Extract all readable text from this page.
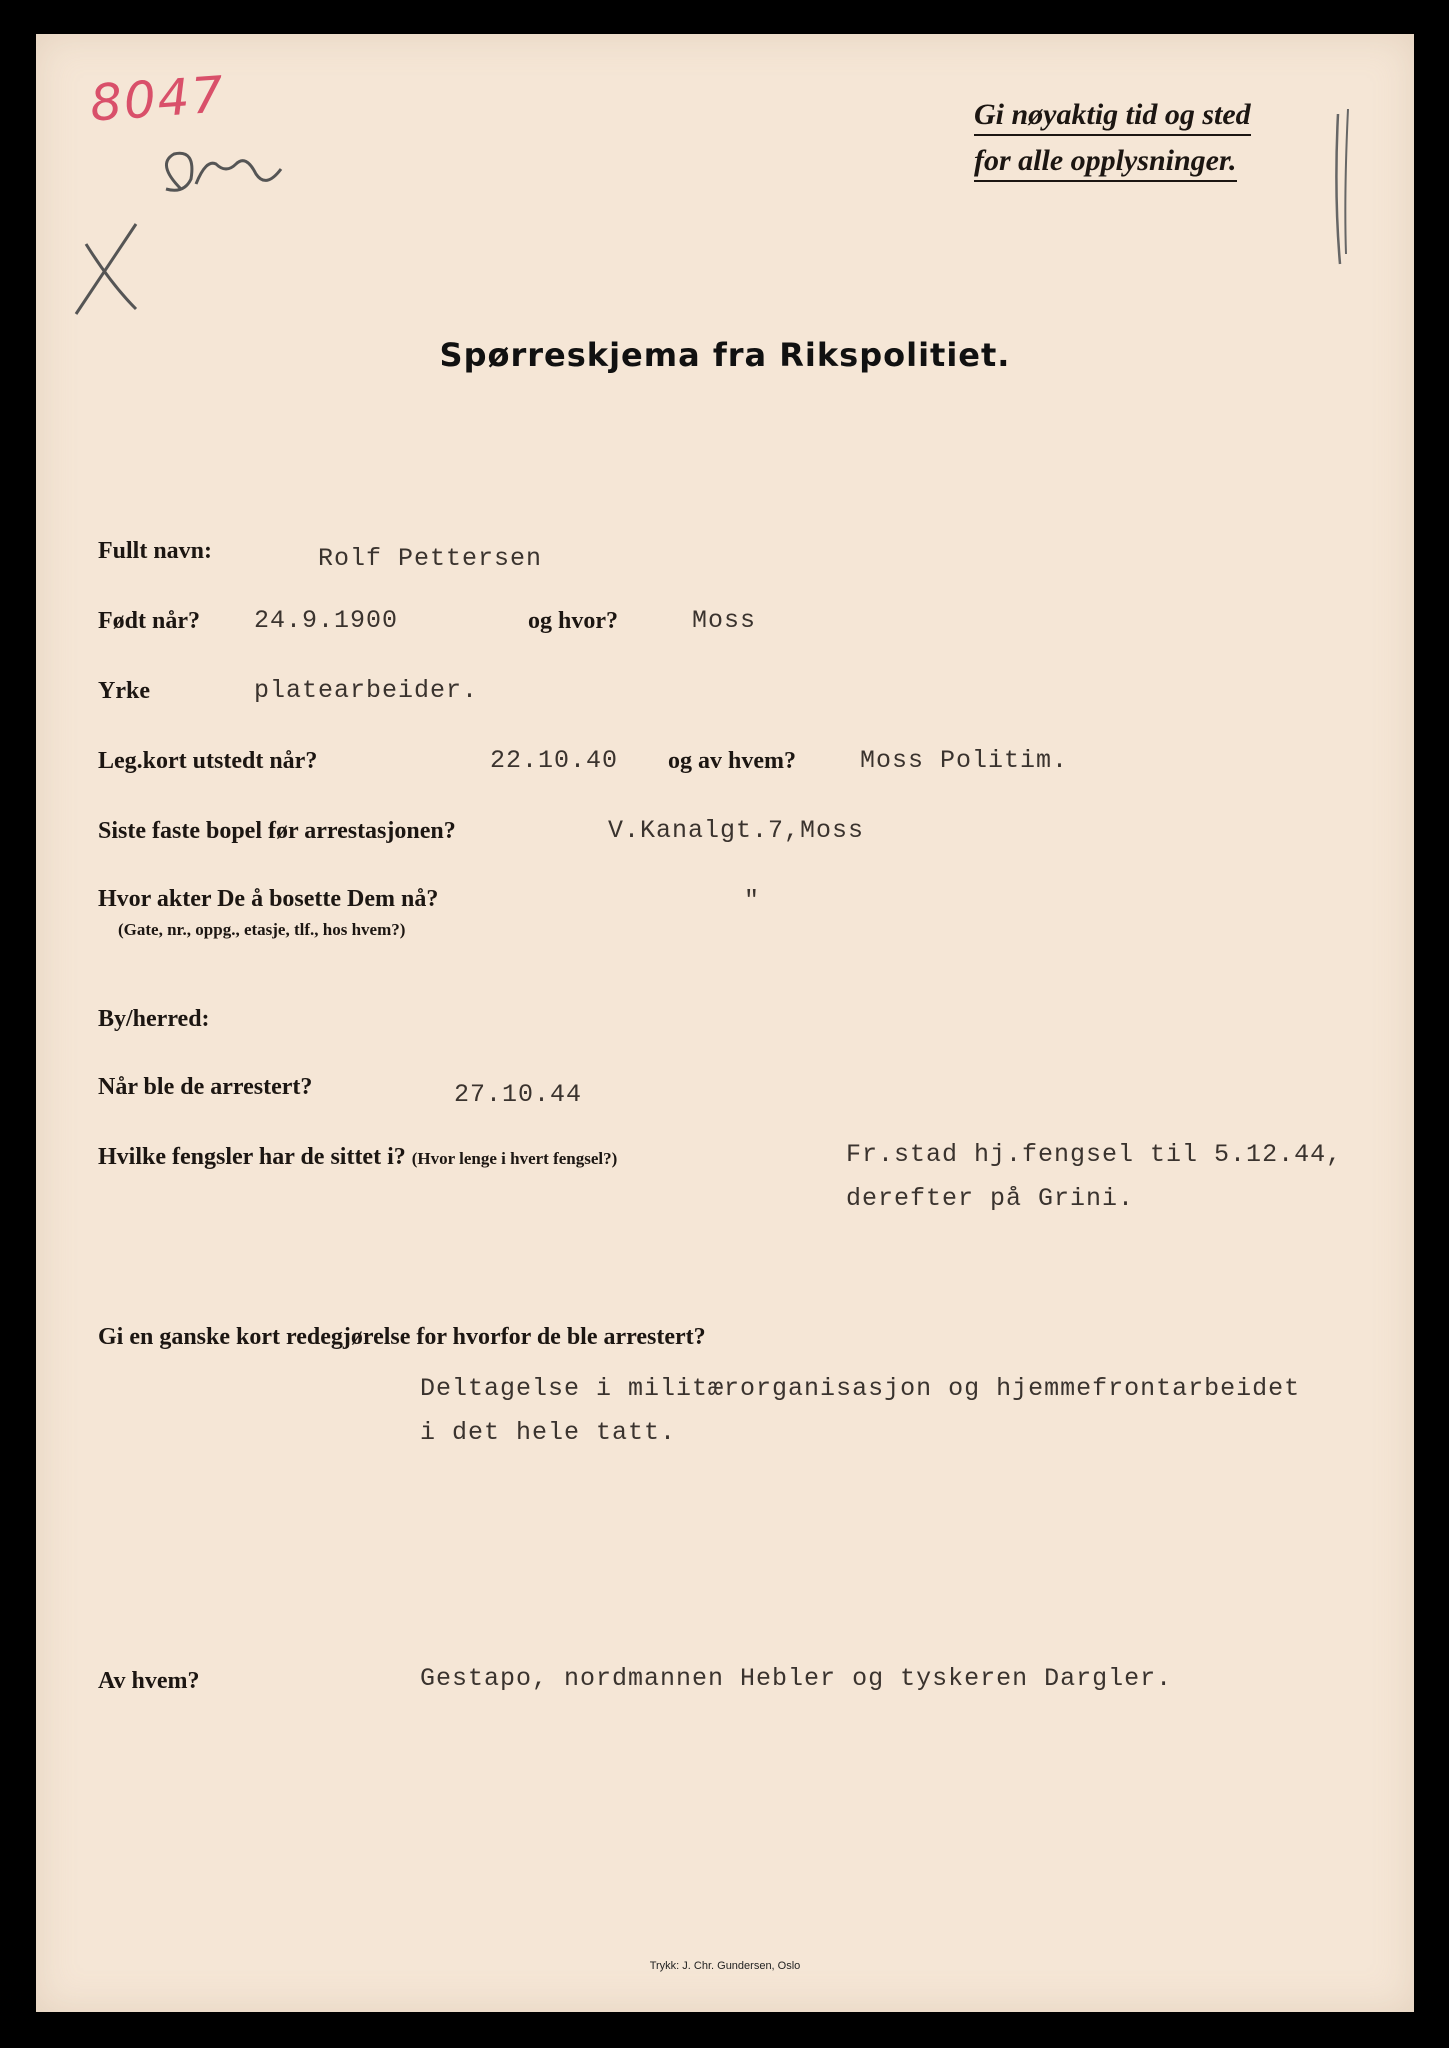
8047	Gi nøyaktig tid og sted
for alle opplysninger.
Spørreskjema fra Rikspolitiet.
Fullt navn:	Rolf Pettersen
Født når? 24.9.1900	og hvor?	Moss
Yrke	platearbeider.
Leg.kort utstedt når?	22.10.40 og av hvem?	Moss Politim.
Siste faste bopel før arrestasjonen?	V.Kanalgt.7,Moss
Hvor akter De å bosette Dem nå?
(Gate, nr., oppg., etasje, tlf., hos hvem?)
"
By/herred:
Når ble de arrestert?	27.10.44
Hvilke fengsler har de sittet i? (Hvor lenge i hvert fengsel?)	Fr.stad hj.fengsel til 5.12.44,
derefter på Grini.
Gi en ganske kort redegjørelse for hvorfor de ble arrestert?
Deltagelse i militærorganisasjon og hjemmefrontarbeidet
i det hele tatt.
Av hvem?	Gestapo, nordmannen Hebler og tyskeren Dargler.
Trykk: J. Chr. Gundersen, Oslo
